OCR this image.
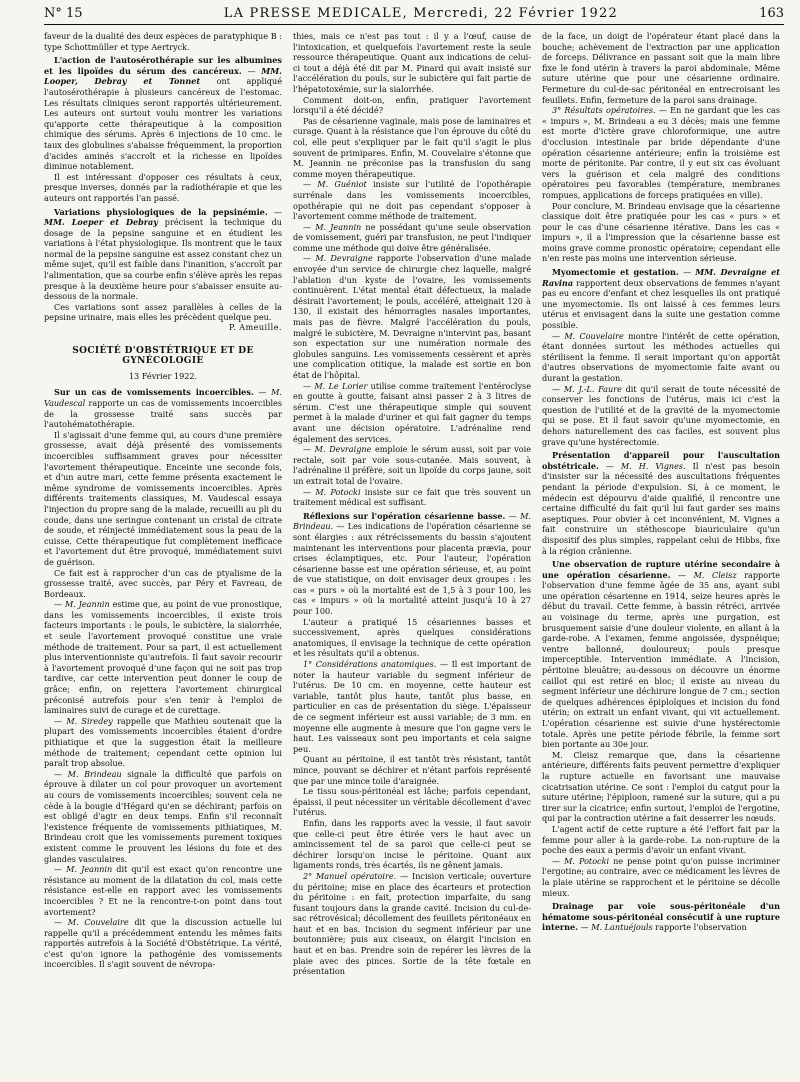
N° 15	LA PRESSE MEDICALE, Mercredi, 22 Février 1922	163

faveur de la dualité des deux espèces de paratyphique B : type Schottmüller et type Aertryck.

L'action de l'autosérothérapie sur les albumines et les lipoïdes du sérum des cancéreux. — MM. Looper, Debray et Tonnet ont appliqué l'autosérothérapie à plusieurs cancéreux de l'estomac. Les résultats cliniques seront rapportés ultérieurement. Les auteurs ont surtout voulu montrer les variations qu'apporte cette thérapeutique à la composition chimique des sérums. Après 6 injections de 10 cmc. le taux des globulines s'abaisse fréquemment, la proportion d'acides aminés s'accroît et la richesse en lipoïdes diminue notablement.

Il est intéressant d'opposer ces résultats à ceux, presque inverses, donnés par la radiothérapie et que les auteurs ont rapportés l'an passé.

Variations physiologiques de la pepsinémie. — MM. Loeper et Debray précisent la technique du dosage de la pepsine sanguine et en étudient les variations à l'état physiologique. Ils montrent que le taux normal de la pepsine sanguine est assez constant chez un même sujet, qu'il est faible dans l'inanition, s'accroît par l'alimentation, que sa courbe enfin s'élève après les repas presque à la deuxième heure pour s'abaisser ensuite au-dessous de la normale.

Ces variations sont assez parallèles à celles de la pepsine urinaire, mais elles les précèdent quelque peu.

P. Ameuille.

SOCIÉTÉ D'OBSTÉTRIQUE ET DE GYNÉCOLOGIE
13 Février 1922.

Sur un cas de vomissements incoercibles. — M. Vaudescal rapporte un cas de vomissements incoercibles de la grossesse traité sans succès par l'autohématothérapie.

Il s'agissait d'une femme qui, au cours d'une première grossesse, avait déjà présenté des vomissements incoercibles suffisamment graves pour nécessiter l'avortement thérapeutique. Enceinte une seconde fois, et d'un autre mari, cette femme présenta exactement le même syndrome de vomissements incoercibles. Après différents traitements classiques, M. Vaudescal essaya l'injection du propre sang de la malade, recueilli au pli du coude, dans une seringue contenant un cristal de citrate de soude, et réinjecté immédiatement sous la peau de la cuisse. Cette thérapeutique fut complètement inefficace et l'avortement dut être provoqué, immédiatement suivi de guérison.

Ce fait est à rapprocher d'un cas de ptyalisme de la grossesse traité, avec succès, par Péry et Favreau, de Bordeaux.

— M. Jeannin estime que, au point de vue pronostique, dans les vomissements incoercibles, il existe trois facteurs importants : le pouls, le subictère, la sialorrhée, et seule l'avortement provoqué constitue une vraie méthode de traitement. Pour sa part, il est actuellement plus interventionniste qu'autrefois. Il faut savoir recourir à l'avortement provoqué d'une façon qui ne soit pas trop tardive, car cette intervention peut donner le coup de grâce; enfin, on rejettera l'avortement chirurgical préconisé autrefois pour s'en tenir à l'emploi de laminaires suivi de curage et de curettage.

— M. Siredey rappelle que Mathieu soutenait que la plupart des vomissements incoercibles étaient d'ordre pithiatique et que la suggestion était la meilleure méthode de traitement; cependant cette opinion lui paraît trop absolue.

— M. Brindeau signale la difficulté que parfois on éprouve à dilater un col pour provoquer un avortement au cours de vomissements incoercibles; souvent cela ne cède à la bougie d'Hégard qu'en se déchirant; parfois on est obligé d'agir en deux temps. Enfin s'il reconnaît l'existence fréquente de vomissements pithiatiques, M. Brindeau croit que les vomissements purement toxiques existent comme le prouvent les lésions du foie et des glandes vasculaires.

— M. Jeannin dit qu'il est exact qu'on rencontre une résistance au moment de la dilatation du col, mais cette résistance est-elle en rapport avec les vomissements incoercibles ? Et ne la rencontre-t-on point dans tout avortement?

— M. Couvelaire dit que la discussion actuelle lui rappelle qu'il a précédemment entendu les mêmes faits rapportés autrefois à la Société d'Obstétrique. La vérité, c'est qu'on ignore la pathogénie des vomissements incoercibles. Il s'agit souvent de névropa-

thies, mais ce n'est pas tout : il y a l'œuf, cause de l'intoxication, et quelquefois l'avortement reste la seule ressource thérapeutique. Quant aux indications de celui-ci tout a déjà été dit par M. Pinard qui avait insisté sur l'accélération du pouls, sur le subictère qui fait partie de l'hépatotoxémie, sur la sialorrhée.

Comment doit-on, enfin, pratiquer l'avortement lorsqu'il a été décidé?

Pas de césarienne vaginale, mais pose de laminaires et curage. Quant à la résistance que l'on éprouve du côté du col, elle peut s'expliquer par le fait qu'il s'agit le plus souvent de primipares. Enfin, M. Couvelaire s'étonne que M. Jeannin ne préconise pas la transfusion du sang comme moyen thérapeutique.

— M. Guéniot insiste sur l'utilité de l'opothérapie surrénale dans les vomissements incoercibles, opothérapie qui ne doit pas cependant s'opposer à l'avortement comme méthode de traitement.

— M. Jeannin ne possédant qu'une seule observation de vomissement, guéri par transfusion, ne peut l'indiquer comme une méthode qui doive être généralisée.

— M. Devraigne rapporte l'observation d'une malade envoyée d'un service de chirurgie chez laquelle, malgré l'ablation d'un kyste de l'ovaire, les vomissements continuèrent. L'état mental était défectueux, la malade désirait l'avortement; le pouls, accéléré, atteignait 120 à 130, il existait des hémorragies nasales importantes, mais pas de fièvre. Malgré l'accélération du pouls, malgré le subictère, M. Devraigne n'intervint pas, basant son expectation sur une numération normale des globules sanguins. Les vomissements cessèrent et après une complication otitique, la malade est sortie en bon état de l'hôpital.

— M. Le Lorier utilise comme traitement l'entéroclyse en goutte à goutte, faisant ainsi passer 2 à 3 litres de sérum. C'est une thérapeutique simple qui souvent permet à la malade d'uriner et qui fait gagner du temps avant une décision opératoire. L'adrénaline rend également des services.

— M. Devraigne emploie le sérum aussi, soit par voie rectale, soit par voie sous-cutanée. Mais souvent, à l'adrénaline il préfère, soit un lipoïde du corps jaune, soit un extrait total de l'ovaire.

— M. Potocki insiste sur ce fait que très souvent un traitement médical est suffisant.

Réflexions sur l'opération césarienne basse. — M. Brindeau. — Les indications de l'opération césarienne se sont élargies : aux rétrécissements du bassin s'ajoutent maintenant les interventions pour placenta prævia, pour crises éclamptiques, etc. Pour l'auteur, l'opération césarienne basse est une opération sérieuse, et, au point de vue statistique, on doit envisager deux groupes : les cas « purs » où la mortalité est de 1,5 à 3 pour 100, les cas « impurs » où la mortalité atteint jusqu'à 10 à 27 pour 100.

L'auteur a pratiqué 15 césariennes basses et successivement, après quelques considérations anatomiques, il envisage la technique de cette opération et les résultats qu'il a obtenus.

1° Considérations anatomiques. — Il est important de noter la hauteur variable du segment inférieur de l'utérus. De 10 cm. en moyenne, cette hauteur est variable, tantôt plus haute, tantôt plus basse, en particulier en cas de présentation du siège. L'épaisseur de ce segment inférieur est aussi variable; de 3 mm. en moyenne elle augmente à mesure que l'on gagne vers le haut. Les vaisseaux sont peu importants et cela saigne peu.

Quant au péritoine, il est tantôt très résistant, tantôt mince, pouvant se déchirer et n'étant parfois représenté que par une mince toile d'araignée.

Le tissu sous-péritonéal est lâche; parfois cependant, épaissi, il peut nécessiter un véritable décollement d'avec l'utérus.

Enfin, dans les rapports avec la vessie, il faut savoir que celle-ci peut être étirée vers le haut avec un amincissement tel de sa paroi que celle-ci peut se déchirer lorsqu'on incise le péritoine. Quant aux ligaments ronds, très écartés, ils ne gênent jamais.

2° Manuel opératoire. — Incision verticale; ouverture du péritoine; mise en place des écarteurs et protection du péritoine : en fait, protection imparfaite, du sang fusant toujours dans la grande cavité. Incision du cul-de-sac rétrovésical; décollement des feuillets péritonéaux en haut et en bas. Incision du segment inférieur par une boutonnière; puis aux ciseaux, on élargit l'incision en haut et en bas. Prendre soin de repérer les lèvres de la plaie avec des pinces. Sortie de la tête fœtale en présentation

de la face, un doigt de l'opérateur étant placé dans la bouche; achèvement de l'extraction par une application de forceps. Délivrance en passant soit que la main libre fixe le fond utérin à travers la paroi abdominale. Même suture utérine que pour une césarienne ordinaire. Fermeture du cul-de-sac péritonéal en entrecroisant les feuillets. Enfin, fermeture de la paroi sans drainage.

3° Résultats opératoires. — En ne gardant que les cas « impurs », M. Brindeau a eu 3 décès; mais une femme est morte d'ictère grave chloroformique, une autre d'occlusion intestinale par bride dépendante d'une opération césarienne antérieure; enfin la troisième est morte de péritonite. Par contre, il y eut six cas évoluant vers la guérison et cela malgré des conditions opératoires peu favorables (température, membranes rompues, applications de forceps pratiquées en ville).

Pour conclure, M. Brindeau envisage que la césarienne classique doit être pratiquée pour les cas « purs » et pour le cas d'une césarienne itérative. Dans les cas « impurs », il a l'impression que la césarienne basse est moins grave comme pronostic opératoire; cependant elle n'en reste pas moins une intervention sérieuse.

Myomectomie et gestation. — MM. Devraigne et Ravina rapportent deux observations de femmes n'ayant pas eu encore d'enfant et chez lesquelles ils ont pratiqué une myomectomie. Ils ont laissé à ces femmes leurs utérus et envisagent dans la suite une gestation comme possible.

— M. Couvelaire montre l'intérêt de cette opération, étant données surtout les méthodes actuelles qui stérilisent la femme. Il serait important qu'on apportât d'autres observations de myomectomie faite avant ou durant la gestation.

— M. J.-L. Faure dit qu'il serait de toute nécessité de conserver les fonctions de l'utérus, mais ici c'est la question de l'utilité et de la gravité de la myomectomie qui se pose. Et il faut savoir qu'une myomectomie, en dehors naturellement des cas faciles, est souvent plus grave qu'une hystérectomie.

Présentation d'appareil pour l'auscultation obstétricale. — M. H. Vignes. Il n'est pas besoin d'insister sur la nécessité des auscultations fréquentes pendant la période d'expulsion. Si, à ce moment, le médecin est dépourvu d'aide qualifié, il rencontre une certaine difficulté du fait qu'il lui faut garder ses mains aseptiques. Pour obvier à cet inconvénient, M. Vignes a fait construire un stéthoscope biauriculaire qu'un dispositif des plus simples, rappelant celui de Hibbs, fixe à la région crânienne.

Une observation de rupture utérine secondaire à une opération césarienne. — M. Cleisz rapporte l'observation d'une femme âgée de 35 ans, ayant subi une opération césarienne en 1914, seize heures après le début du travail. Cette femme, à bassin rétréci, arrivée au voisinage du terme, après une purgation, est brusquement saisie d'une douleur violente, en allant à la garde-robe. A l'examen, femme angoissée, dyspnéique; ventre ballonné, douloureux; pouls presque imperceptible. Intervention immédiate. A l'incision, péritoine bleuâtre; au-dessous on découvre un énorme caillot qui est retiré en bloc; il existe au niveau du segment inférieur une déchirure longue de 7 cm.; section de quelques adhérences épiploïques et incision du fond utérin; on extrait un enfant vivant, qui vit actuellement. L'opération césarienne est suivie d'une hystérectomie totale. Après une petite période fébrile, la femme sort bien portante au 30e jour.

M. Cleisz remarque que, dans la césarienne antérieure, différents faits peuvent permettre d'expliquer la rupture actuelle en favorisant une mauvaise cicatrisation utérine. Ce sont : l'emploi du catgut pour la suture utérine; l'épiploon, ramené sur la suture, qui a pu tirer sur la cicatrice; enfin surtout, l'emploi de l'ergotine, qui par la contraction utérine a fait desserrer les nœuds.

L'agent actif de cette rupture a été l'effort fait par la femme pour aller à la garde-robe. La non-rupture de la poche des eaux a permis d'avoir un enfant vivant.

— M. Potocki ne pense point qu'on puisse incriminer l'ergotine; au contraire, avec ce médicament les lèvres de la plaie utérine se rapprochent et le péritoine se décolle mieux.

Drainage par voie sous-péritonéale d'un hématome sous-péritonéal consécutif à une rupture interne. — M. Lantuéjouls rapporte l'observation
